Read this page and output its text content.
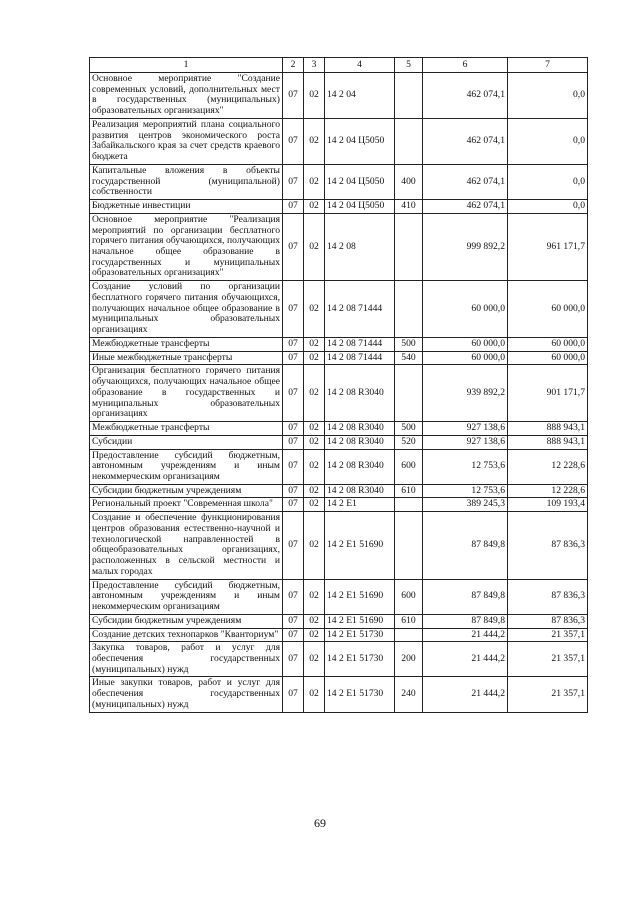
1	2	3	4	5	6	7
Основное мероприятие "Создание современных условий, дополнительных мест в государственных (муниципальных) образовательных организациях"	07	02	14 2 04		462 074,1	0,0
Реализация мероприятий плана социального развития центров экономического роста Забайкальского края за счет средств краевого бюджета	07	02	14 2 04 Ц5050		462 074,1	0,0
Капитальные вложения в объекты государственной (муниципальной) собственности	07	02	14 2 04 Ц5050	400	462 074,1	0,0
Бюджетные инвестиции	07	02	14 2 04 Ц5050	410	462 074,1	0,0
Основное мероприятие "Реализация мероприятий по организации бесплатного горячего питания обучающихся, получающих начальное общее образование в государственных и муниципальных образовательных организациях"	07	02	14 2 08		999 892,2	961 171,7
Создание условий по организации бесплатного горячего питания обучающихся, получающих начальное общее образование в муниципальных образовательных организациях	07	02	14 2 08 71444		60 000,0	60 000,0
Межбюджетные трансферты	07	02	14 2 08 71444	500	60 000,0	60 000,0
Иные межбюджетные трансферты	07	02	14 2 08 71444	540	60 000,0	60 000,0
Организация бесплатного горячего питания обучающихся, получающих начальное общее образование в государственных и муниципальных образовательных организациях	07	02	14 2 08 R3040		939 892,2	901 171,7
Межбюджетные трансферты	07	02	14 2 08 R3040	500	927 138,6	888 943,1
Субсидии	07	02	14 2 08 R3040	520	927 138,6	888 943,1
Предоставление субсидий бюджетным, автономным учреждениям и иным некоммерческим организациям	07	02	14 2 08 R3040	600	12 753,6	12 228,6
Субсидии бюджетным учреждениям	07	02	14 2 08 R3040	610	12 753,6	12 228,6
Региональный проект "Современная школа"	07	02	14 2 E1		389 245,3	109 193,4
Создание и обеспечение функционирования центров образования естественно-научной и технологической направленностей в общеобразовательных организациях, расположенных в сельской местности и малых городах	07	02	14 2 E1 51690		87 849,8	87 836,3
Предоставление субсидий бюджетным, автономным учреждениям и иным некоммерческим организациям	07	02	14 2 E1 51690	600	87 849,8	87 836,3
Субсидии бюджетным учреждениям	07	02	14 2 E1 51690	610	87 849,8	87 836,3
Создание детских технопарков "Кванториум"	07	02	14 2 E1 51730		21 444,2	21 357,1
Закупка товаров, работ и услуг для обеспечения государственных (муниципальных) нужд	07	02	14 2 E1 51730	200	21 444,2	21 357,1
Иные закупки товаров, работ и услуг для обеспечения государственных (муниципальных) нужд	07	02	14 2 E1 51730	240	21 444,2	21 357,1
69
